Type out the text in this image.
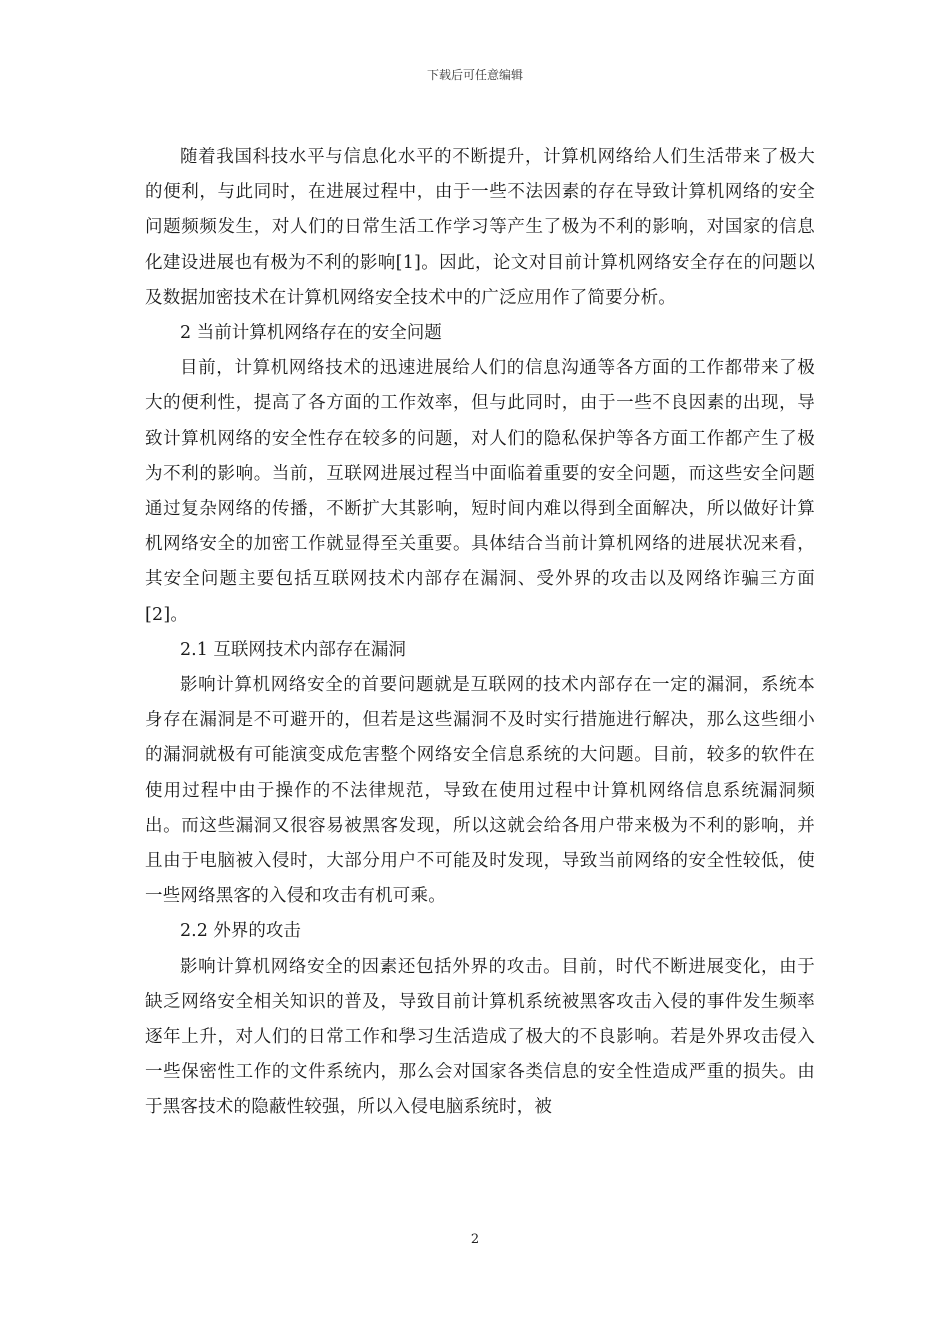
下载后可任意编辑

随着我国科技水平与信息化水平的不断提升，计算机网络给人们生活带来了极大的便利，与此同时，在进展过程中，由于一些不法因素的存在导致计算机网络的安全问题频频发生，对人们的日常生活工作学习等产生了极为不利的影响，对国家的信息化建设进展也有极为不利的影响[1]。因此，论文对目前计算机网络安全存在的问题以及数据加密技术在计算机网络安全技术中的广泛应用作了简要分析。

2 当前计算机网络存在的安全问题

目前，计算机网络技术的迅速进展给人们的信息沟通等各方面的工作都带来了极大的便利性，提高了各方面的工作效率，但与此同时，由于一些不良因素的出现，导致计算机网络的安全性存在较多的问题，对人们的隐私保护等各方面工作都产生了极为不利的影响。当前，互联网进展过程当中面临着重要的安全问题，而这些安全问题通过复杂网络的传播，不断扩大其影响，短时间内难以得到全面解决，所以做好计算机网络安全的加密工作就显得至关重要。具体结合当前计算机网络的进展状况来看，其安全问题主要包括互联网技术内部存在漏洞、受外界的攻击以及网络诈骗三方面[2]。

2.1 互联网技术内部存在漏洞

影响计算机网络安全的首要问题就是互联网的技术内部存在一定的漏洞，系统本身存在漏洞是不可避开的，但若是这些漏洞不及时实行措施进行解决，那么这些细小的漏洞就极有可能演变成危害整个网络安全信息系统的大问题。目前，较多的软件在使用过程中由于操作的不法律规范，导致在使用过程中计算机网络信息系统漏洞频出。而这些漏洞又很容易被黑客发现，所以这就会给各用户带来极为不利的影响，并且由于电脑被入侵时，大部分用户不可能及时发现，导致当前网络的安全性较低，使一些网络黑客的入侵和攻击有机可乘。

2.2 外界的攻击

影响计算机网络安全的因素还包括外界的攻击。目前，时代不断进展变化，由于缺乏网络安全相关知识的普及，导致目前计算机系统被黑客攻击入侵的事件发生频率逐年上升，对人们的日常工作和學习生活造成了极大的不良影响。若是外界攻击侵入一些保密性工作的文件系统内，那么会对国家各类信息的安全性造成严重的损失。由于黑客技术的隐蔽性较强，所以入侵电脑系统时，被

2
